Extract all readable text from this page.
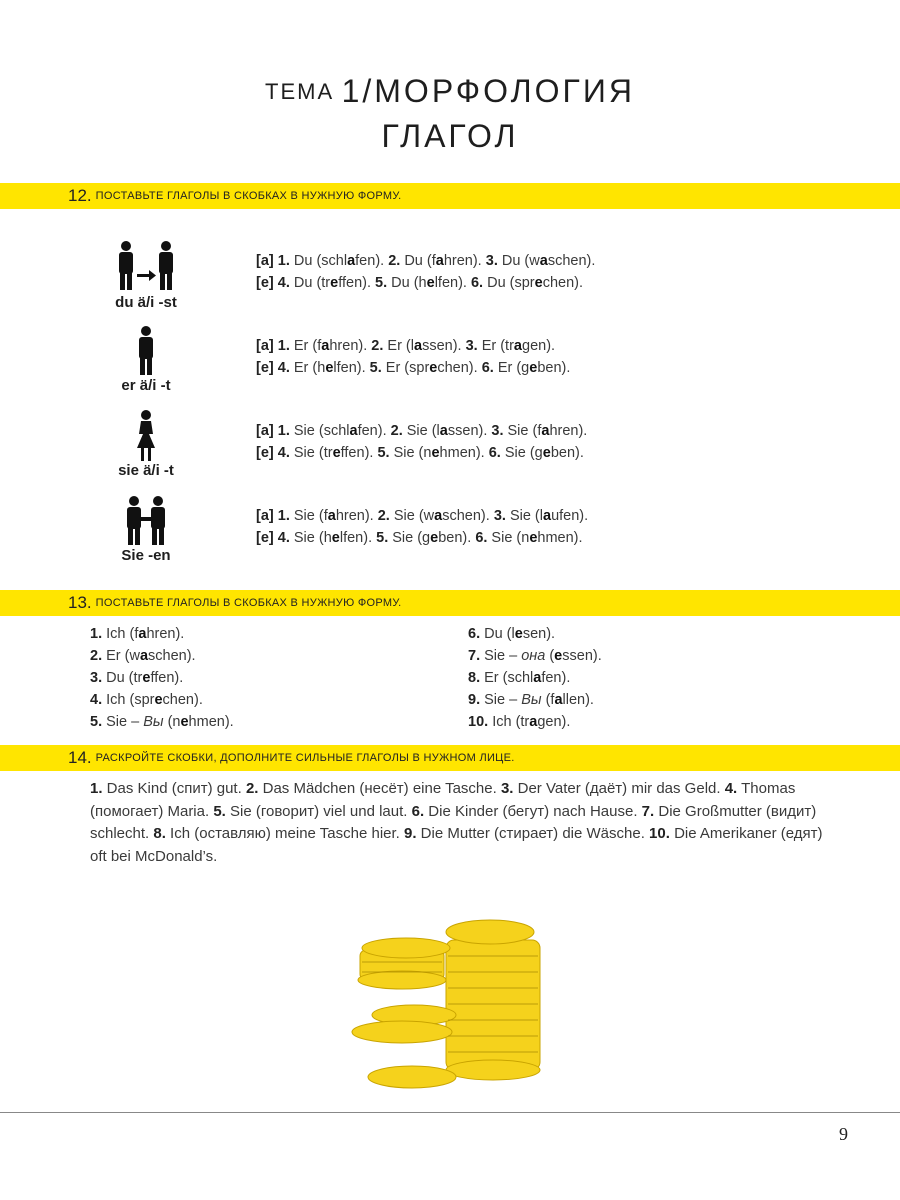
ТЕМА 1/МОРФОЛОГИЯ
ГЛАГОЛ
12. ПОСТАВЬТЕ ГЛАГОЛЫ В СКОБКАХ В НУЖНУЮ ФОРМУ.
du ä/i -st
[a] 1. Du (schlafen). 2. Du (fahren). 3. Du (waschen).
[e] 4. Du (treffen). 5. Du (helfen). 6. Du (sprechen).
er ä/i -t
[a] 1. Er (fahren). 2. Er (lassen). 3. Er (tragen).
[e] 4. Er (helfen). 5. Er (sprechen). 6. Er (geben).
sie ä/i -t
[a] 1. Sie (schlafen). 2. Sie (lassen). 3. Sie (fahren).
[e] 4. Sie (treffen). 5. Sie (nehmen). 6. Sie (geben).
Sie -en
[a] 1. Sie (fahren). 2. Sie (waschen). 3. Sie (laufen).
[e] 4. Sie (helfen). 5. Sie (geben). 6. Sie (nehmen).
13. ПОСТАВЬТЕ ГЛАГОЛЫ В СКОБКАХ В НУЖНУЮ ФОРМУ.
1. Ich (fahren).
2. Er (waschen).
3. Du (treffen).
4. Ich (sprechen).
5. Sie – Вы (nehmen).
6. Du (lesen).
7. Sie – она (essen).
8. Er (schlafen).
9. Sie – Вы (fallen).
10. Ich (tragen).
14. РАСКРОЙТЕ СКОБКИ, ДОПОЛНИТЕ СИЛЬНЫЕ ГЛАГОЛЫ В НУЖНОМ ЛИЦЕ.
1. Das Kind (спит) gut. 2. Das Mädchen (несёт) eine Tasche. 3. Der Vater (даёт) mir das Geld. 4. Thomas (помогает) Maria. 5. Sie (говорит) viel und laut. 6. Die Kinder (бегут) nach Hause. 7. Die Großmutter (видит) schlecht. 8. Ich (оставляю) meine Tasche hier. 9. Die Mutter (стирает) die Wäsche. 10. Die Amerikaner (едят) oft bei McDonald’s.
9
